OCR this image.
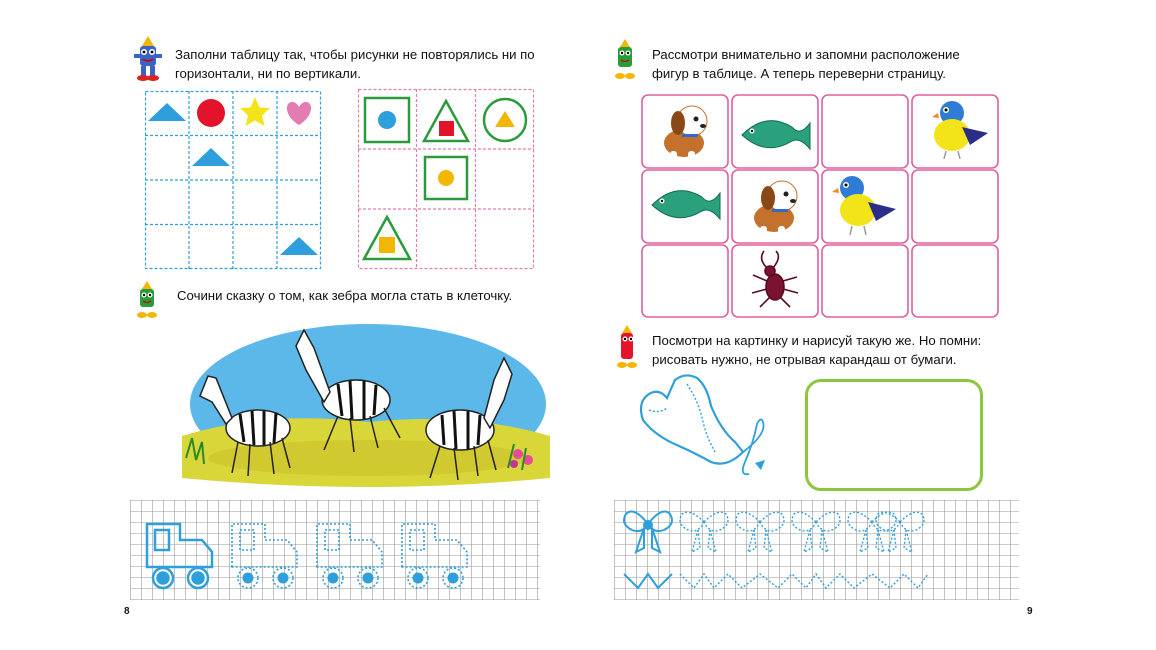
Заполни таблицу так, чтобы рисунки не повторялись ни по горизонтали, ни по вертикали.
Сочини сказку о том, как зебра могла стать в клеточку.
8
Рассмотри внимательно и запомни расположение фигур в таблице. А теперь переверни страницу.
Посмотри на картинку и нарисуй такую же. Но помни: рисовать нужно, не отрывая карандаш от бумаги.
9
